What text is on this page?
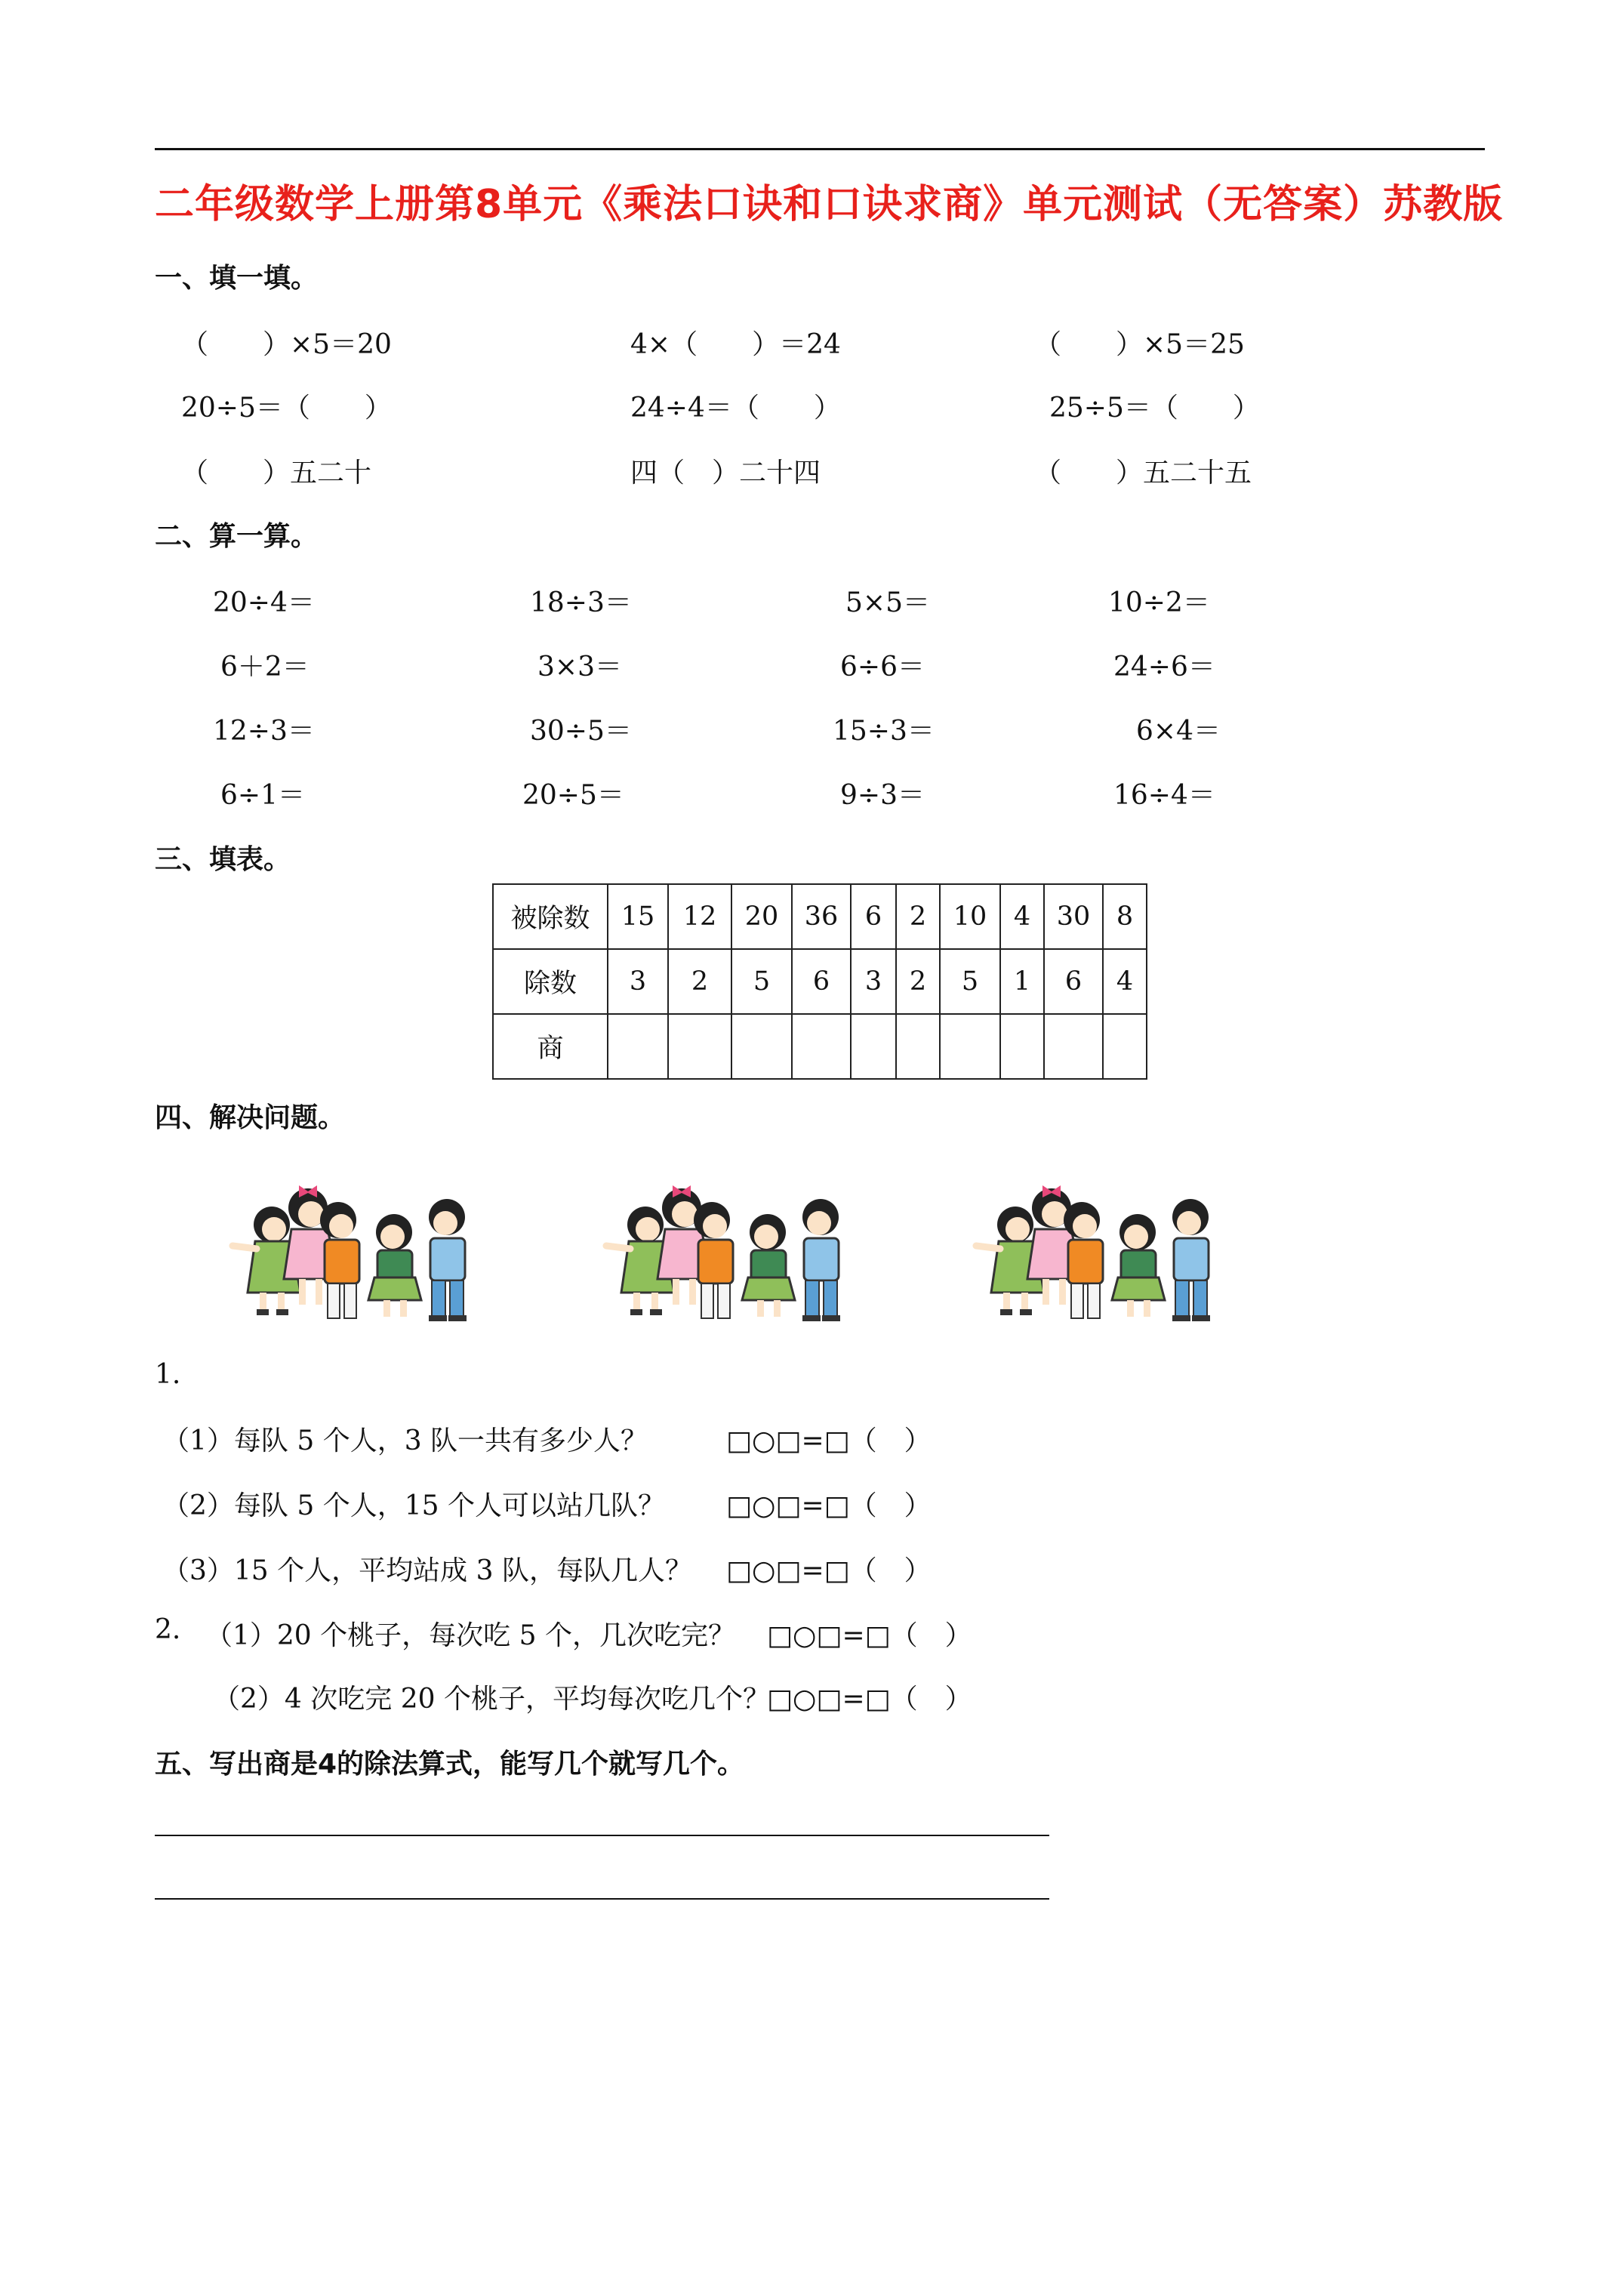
二年级数学上册第8单元《乘法口诀和口诀求商》单元测试（无答案）苏教版
一、填一填。
（　　）×5＝20	4×（　　）＝24	（　　）×5＝25
20÷5＝（　　）	24÷4＝（　　）	25÷5＝（　　）
（　　）五二十	四（　）二十四	（　　）五二十五
二、算一算。
20÷4＝	18÷3＝	5×5＝	10÷2＝
6＋2＝	3×3＝	6÷6＝	24÷6＝
12÷3＝	30÷5＝	15÷3＝	6×4＝
6÷1＝	20÷5＝	9÷3＝	16÷4＝
三、填表。
被除数	15	12	20	36	6	2	10	4	30	8
除数	3	2	5	6	3	2	5	1	6	4
商										
四、解决问题。
1.
（1）每队 5 个人，3 队一共有多少人？	□○□=□（　）
（2）每队 5 个人，15 个人可以站几队？ □○□=□（　）
（3）15 个人，平均站成 3 队，每队几人？ □○□=□（　）
2. （1）20 个桃子，每次吃 5 个，几次吃完？ □○□=□（　）
（2）4 次吃完 20 个桃子，平均每次吃几个？
□○□=□（　）
五、写出商是4的除法算式，能写几个就写几个。
